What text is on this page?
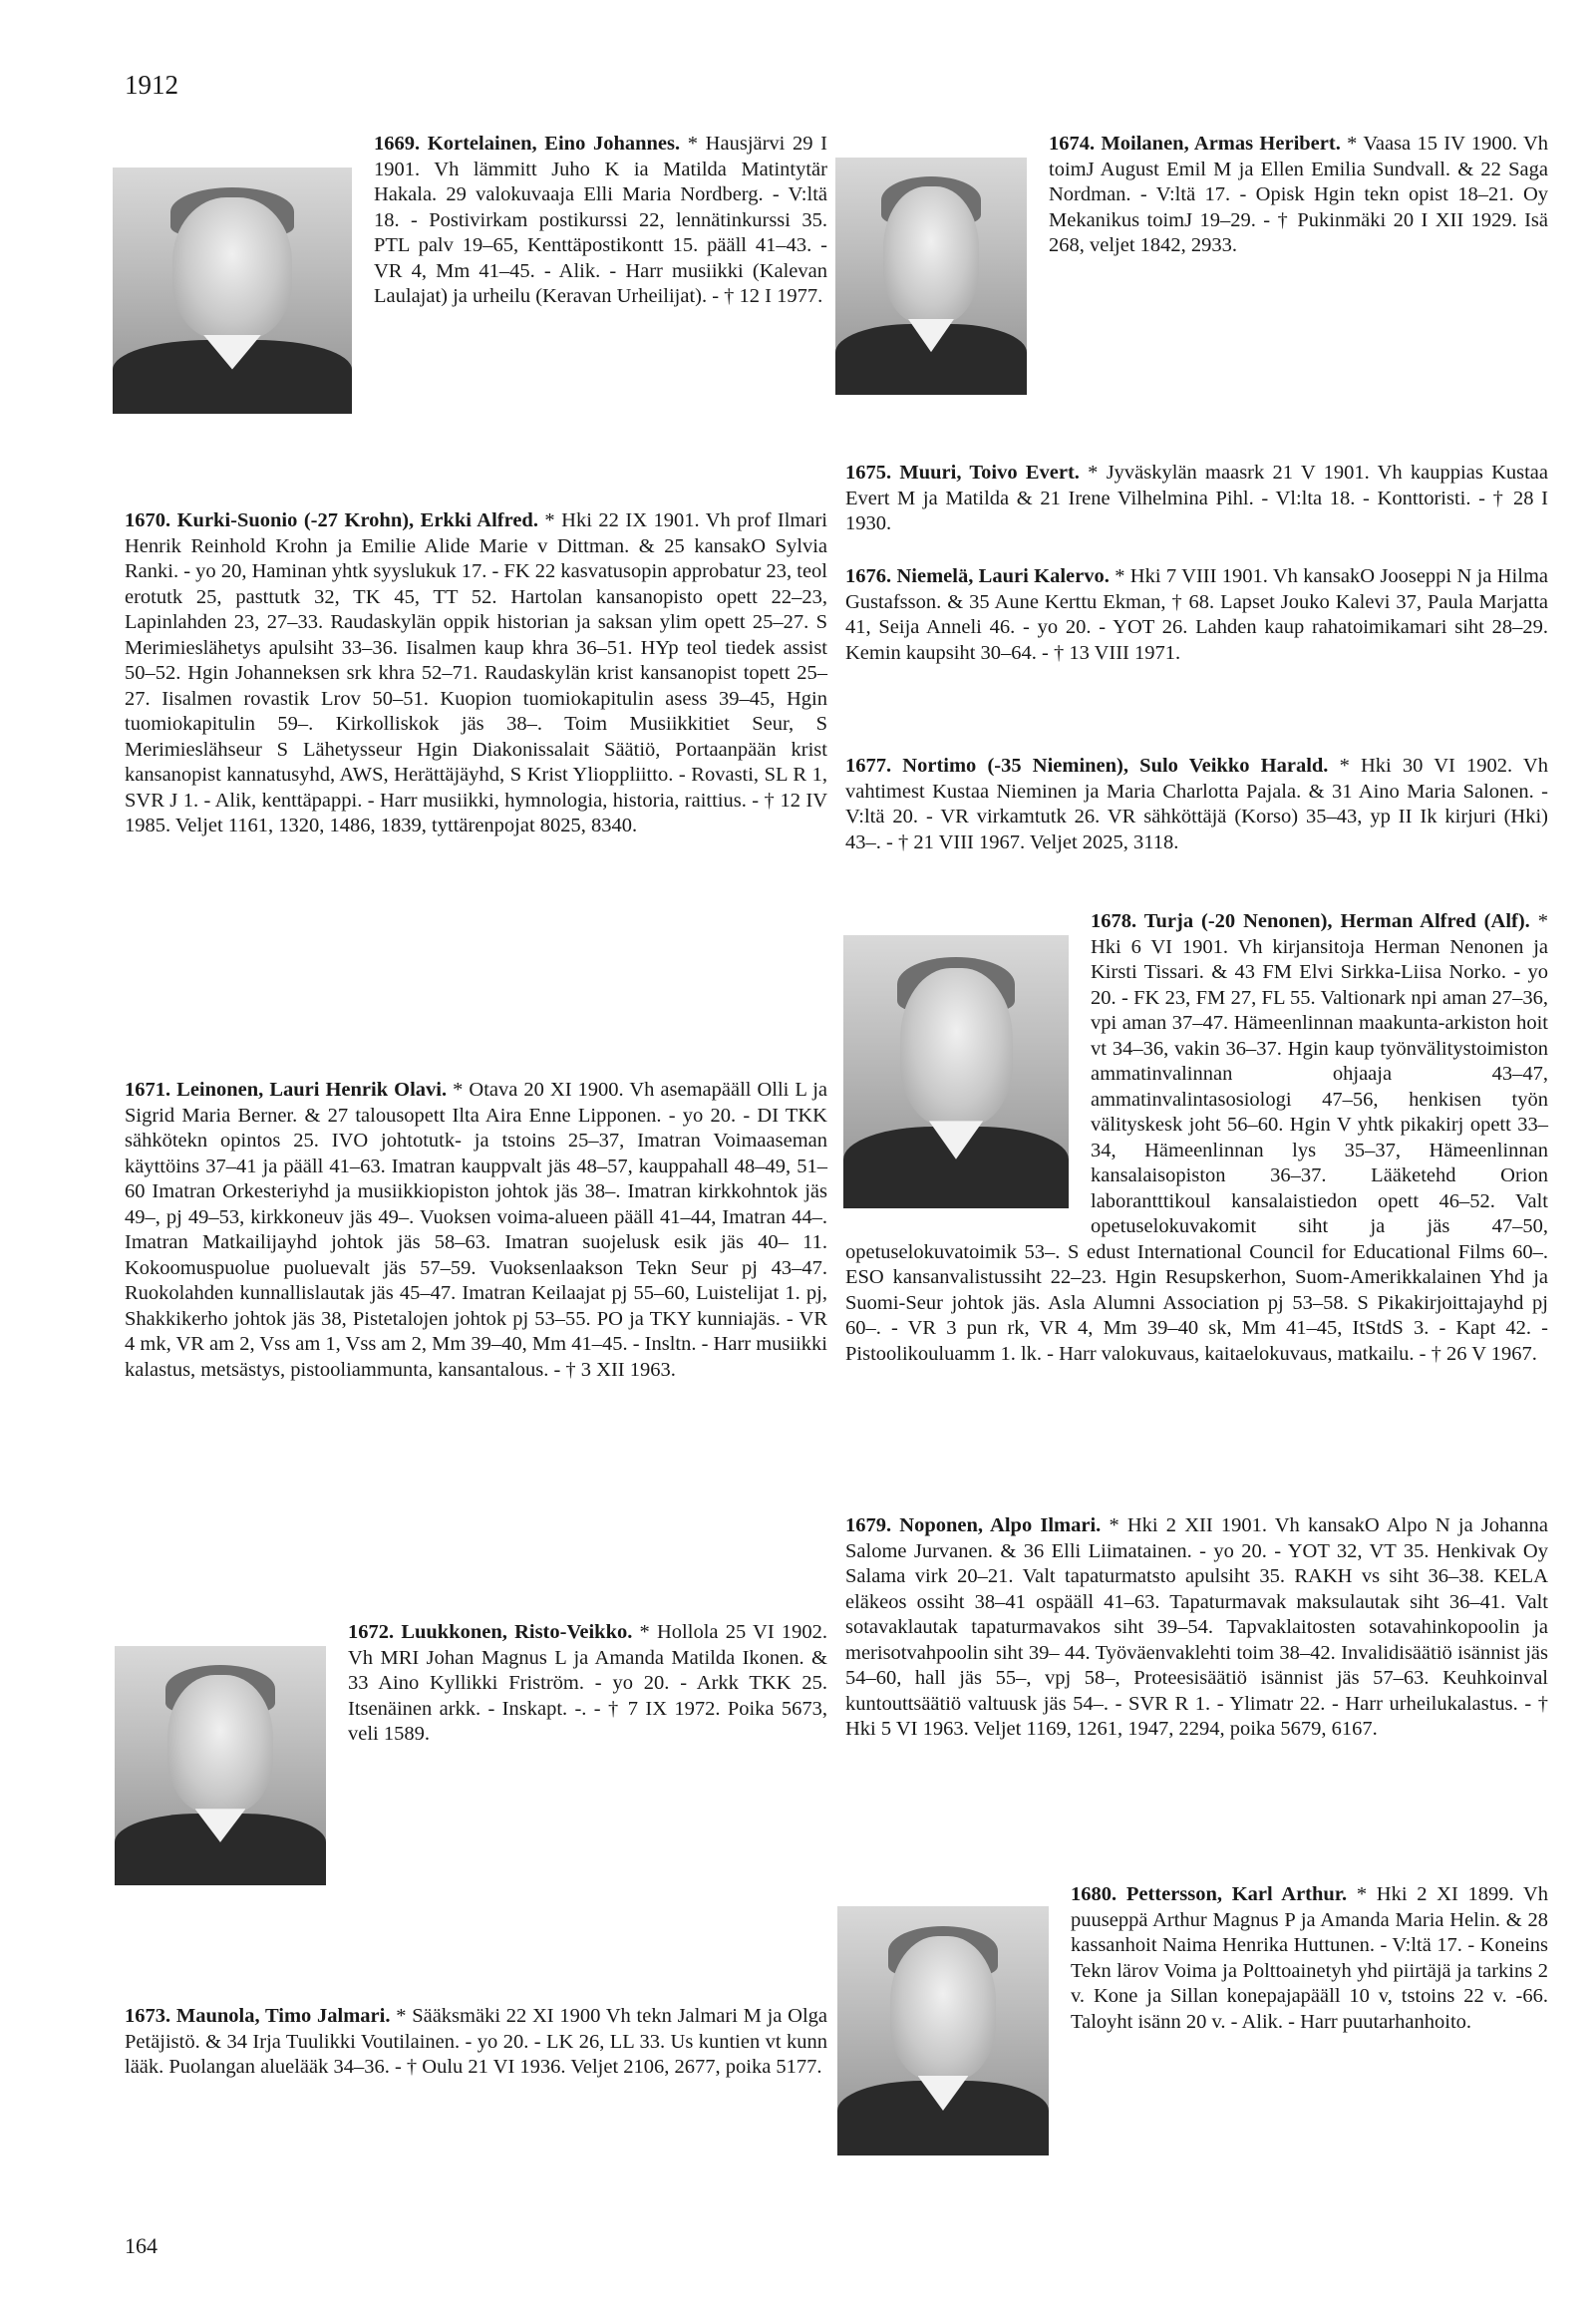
1912
1669. Kortelainen, Eino Johannes. * Hausjärvi 29 I 1901. Vh lämmitt Juho K ia Matilda Matintytär Hakala. 29 valokuvaaja Elli Maria Nordberg. - V:ltä 18. - Postivirkam postikurssi 22, lennätinkurssi 35. PTL palv 19–65, Kenttäpostikontt 15. pääll 41–43. - VR 4, Mm 41–45. - Alik. - Harr musiikki (Kalevan Laulajat) ja urheilu (Keravan Urheilijat). - † 12 I 1977.
1670. Kurki-Suonio (-27 Krohn), Erkki Alfred. * Hki 22 IX 1901. Vh prof Ilmari Henrik Reinhold Krohn ja Emilie Alide Marie v Dittman. & 25 kansakO Sylvia Ranki. - yo 20, Haminan yhtk syyslukuk 17. - FK 22 kasvatusopin approbatur 23, teol erotutk 25, pasttutk 32, TK 45, TT 52. Hartolan kansanopisto opett 22–23, Lapinlahden 23, 27–33. Raudaskylän oppik historian ja saksan ylim opett 25–27. S Merimieslähetys apulsiht 33–36. Iisalmen kaup khra 36–51. HYp teol tiedek assist 50–52. Hgin Johanneksen srk khra 52–71. Raudaskylän krist kansanopist topett 25–27. Iisalmen rovastik Lrov 50–51. Kuopion tuomiokapitulin asess 39–45, Hgin tuomiokapitulin 59–. Kirkolliskok jäs 38–. Toim Musiikkitiet Seur, S Merimieslähseur S Lähetysseur Hgin Diakonissalait Säätiö, Portaanpään krist kansanopist kannatusyhd, AWS, Herättäjäyhd, S Krist Ylioppliitto. - Rovasti, SL R 1, SVR J 1. - Alik, kenttäpappi. - Harr musiikki, hymnologia, historia, raittius. - † 12 IV 1985. Veljet 1161, 1320, 1486, 1839, tyttärenpojat 8025, 8340.
1671. Leinonen, Lauri Henrik Olavi. * Otava 20 XI 1900. Vh asemapääll Olli L ja Sigrid Maria Berner. & 27 talousopett Ilta Aira Enne Lipponen. - yo 20. - DI TKK sähkötekn opintos 25. IVO johtotutk- ja tstoins 25–37, Imatran Voimaaseman käyttöins 37–41 ja pääll 41–63. Imatran kauppvalt jäs 48–57, kauppahall 48–49, 51–60 Imatran Orkesteriyhd ja musiikkiopiston johtok jäs 38–. Imatran kirkkohntok jäs 49–, pj 49–53, kirkkoneuv jäs 49–. Vuoksen voima-alueen pääll 41–44, Imatran 44–. Imatran Matkailijayhd johtok jäs 58–63. Imatran suojelusk esik jäs 40– 11. Kokoomuspuolue puoluevalt jäs 57–59. Vuoksenlaakson Tekn Seur pj 43–47. Ruokolahden kunnallislautak jäs 45–47. Imatran Keilaajat pj 55–60, Luistelijat 1. pj, Shakkikerho johtok jäs 38, Pistetalojen johtok pj 53–55. PO ja TKY kunniajäs. - VR 4 mk, VR am 2, Vss am 1, Vss am 2, Mm 39–40, Mm 41–45. - Insltn. - Harr musiikki kalastus, metsästys, pistooliammunta, kansantalous. - † 3 XII 1963.
1672. Luukkonen, Risto-Veikko. * Hollola 25 VI 1902. Vh MRI Johan Magnus L ja Amanda Matilda Ikonen. & 33 Aino Kyllikki Friström. - yo 20. - Arkk TKK 25. Itsenäinen arkk. - Inskapt. -. - † 7 IX 1972. Poika 5673, veli 1589.
1673. Maunola, Timo Jalmari. * Sääksmäki 22 XI 1900 Vh tekn Jalmari M ja Olga Petäjistö. & 34 Irja Tuulikki Voutilainen. - yo 20. - LK 26, LL 33. Us kuntien vt kunn lääk. Puolangan aluelääk 34–36. - † Oulu 21 VI 1936. Veljet 2106, 2677, poika 5177.
1674. Moilanen, Armas Heribert. * Vaasa 15 IV 1900. Vh toimJ August Emil M ja Ellen Emilia Sundvall. & 22 Saga Nordman. - V:ltä 17. - Opisk Hgin tekn opist 18–21. Oy Mekanikus toimJ 19–29. - † Pukinmäki 20 I XII 1929. Isä 268, veljet 1842, 2933.
1675. Muuri, Toivo Evert. * Jyväskylän maasrk 21 V 1901. Vh kauppias Kustaa Evert M ja Matilda & 21 Irene Vilhelmina Pihl. - Vl:lta 18. - Konttoristi. - † 28 I 1930.
1676. Niemelä, Lauri Kalervo. * Hki 7 VIII 1901. Vh kansakO Jooseppi N ja Hilma Gustafsson. & 35 Aune Kerttu Ekman, † 68. Lapset Jouko Kalevi 37, Paula Marjatta 41, Seija Anneli 46. - yo 20. - YOT 26. Lahden kaup rahatoimikamari siht 28–29. Kemin kaupsiht 30–64. - † 13 VIII 1971.
1677. Nortimo (-35 Nieminen), Sulo Veikko Harald. * Hki 30 VI 1902. Vh vahtimest Kustaa Nieminen ja Maria Charlotta Pajala. & 31 Aino Maria Salonen. - V:ltä 20. - VR virkamtutk 26. VR sähköttäjä (Korso) 35–43, yp II Ik kirjuri (Hki) 43–. - † 21 VIII 1967. Veljet 2025, 3118.
1678. Turja (-20 Nenonen), Herman Alfred (Alf). * Hki 6 VI 1901. Vh kirjansitoja Herman Nenonen ja Kirsti Tissari. & 43 FM Elvi Sirkka-Liisa Norko. - yo 20. - FK 23, FM 27, FL 55. Valtionark npi aman 27–36, vpi aman 37–47. Hämeenlinnan maakunta-arkiston hoit vt 34–36, vakin 36–37. Hgin kaup työnvälitystoimiston ammatinvalinnan ohjaaja 43–47, ammatinvalintasosiologi 47–56, henkisen työn välityskesk joht 56–60. Hgin V yhtk pikakirj opett 33–34, Hämeenlinnan lys 35–37, Hämeenlinnan kansalaisopiston 36–37. Lääketehd Orion laborantttikoul kansalaistiedon opett 46–52. Valt opetuselokuvakomit siht ja jäs 47–50, opetuselokuvatoimik 53–. S edust International Council for Educational Films 60–. ESO kansanvalistussiht 22–23. Hgin Resupskerhon, Suom-Amerikkalainen Yhd ja Suomi-Seur johtok jäs. Asla Alumni Association pj 53–58. S Pikakirjoittajayhd pj 60–. - VR 3 pun rk, VR 4, Mm 39–40 sk, Mm 41–45, ItStdS 3. - Kapt 42. - Pistoolikouluamm 1. lk. - Harr valokuvaus, kaitaelokuvaus, matkailu. - † 26 V 1967.
1679. Noponen, Alpo Ilmari. * Hki 2 XII 1901. Vh kansakO Alpo N ja Johanna Salome Jurvanen. & 36 Elli Liimatainen. - yo 20. - YOT 32, VT 35. Henkivak Oy Salama virk 20–21. Valt tapaturmatsto apulsiht 35. RAKH vs siht 36–38. KELA eläkeos ossiht 38–41 ospääll 41–63. Tapaturmavak maksulautak siht 36–41. Valt sotavaklautak tapaturmavakos siht 39–54. Tapvaklaitosten sotavahinkopoolin ja merisotvahpoolin siht 39– 44. Työväenvaklehti toim 38–42. Invalidisäätiö isännist jäs 54–60, hall jäs 55–, vpj 58–, Proteesisäätiö isännist jäs 57–63. Keuhkoinval kuntouttsäätiö valtuusk jäs 54–. - SVR R 1. - Ylimatr 22. - Harr urheilukalastus. - † Hki 5 VI 1963. Veljet 1169, 1261, 1947, 2294, poika 5679, 6167.
1680. Pettersson, Karl Arthur. * Hki 2 XI 1899. Vh puuseppä Arthur Magnus P ja Amanda Maria Helin. & 28 kassanhoit Naima Henrika Huttunen. - V:ltä 17. - Koneins Tekn lärov Voima ja Polttoainetyh yhd piirtäjä ja tarkins 2 v. Kone ja Sillan konepajapääll 10 v, tstoins 22 v. -66. Taloyht isänn 20 v. - Alik. - Harr puutarhanhoito.
164
